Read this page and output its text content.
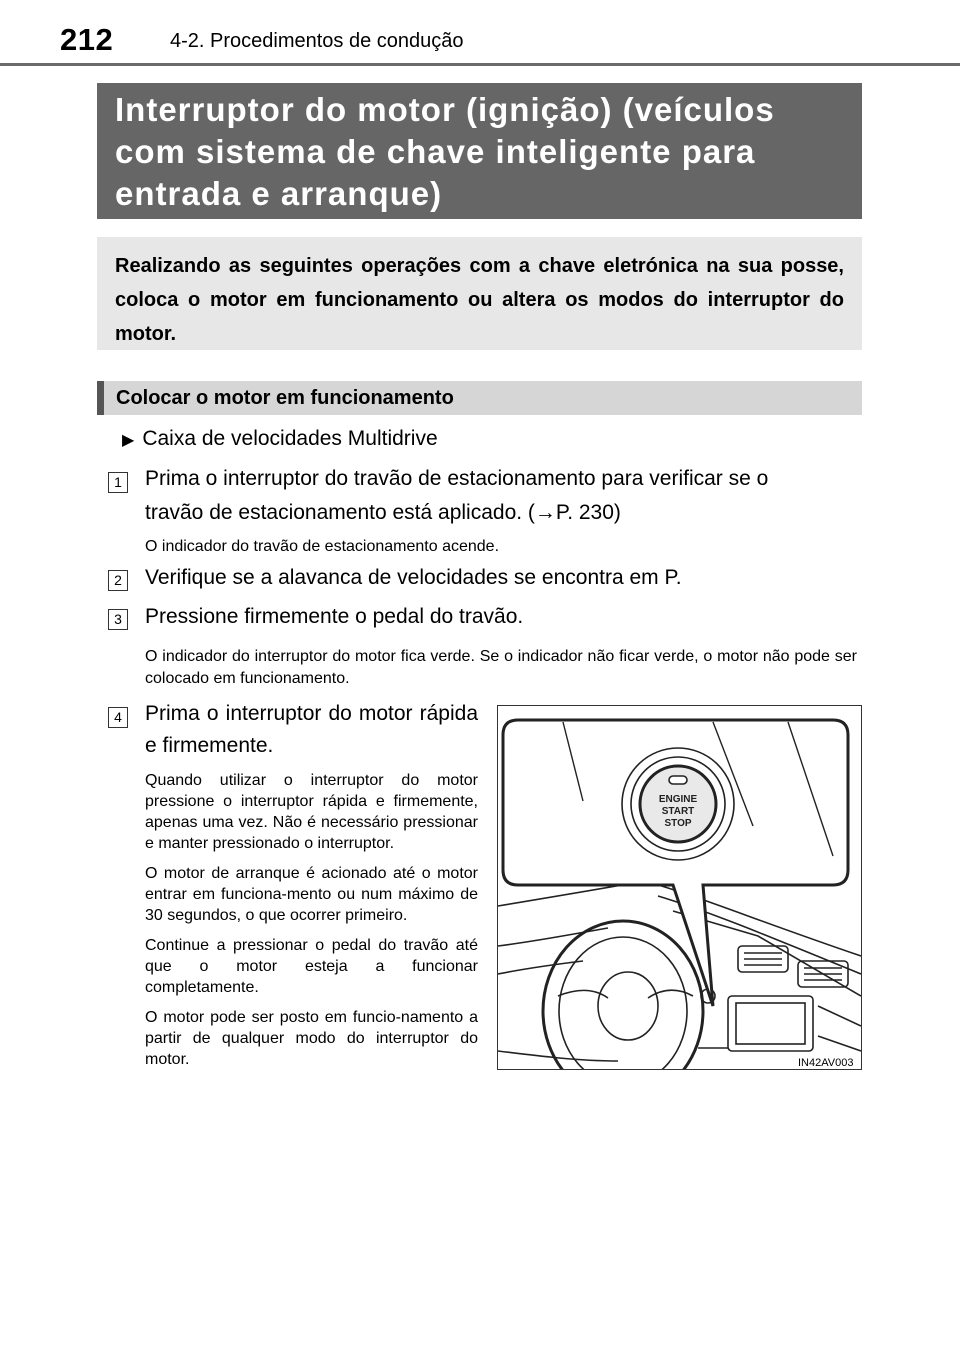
212	4-2. Procedimentos de condução
Interruptor do motor (ignição) (veículos
com sistema de chave inteligente para
entrada e arranque)
Realizando as seguintes operações com a chave eletrónica na sua posse, coloca o motor em funcionamento ou altera os modos do interruptor do motor.
Colocar o motor em funcionamento
▶ Caixa de velocidades Multidrive
1 Prima o interruptor do travão de estacionamento para verificar se o
travão de estacionamento está aplicado. (→P. 230)
O indicador do travão de estacionamento acende.
2 Verifique se a alavanca de velocidades se encontra em P.
3 Pressione firmemente o pedal do travão.
O indicador do interruptor do motor fica verde. Se o indicador não ficar verde, o motor não pode ser colocado em funcionamento.
4 Prima o interruptor do motor rápida e firmemente.
Quando utilizar o interruptor do motor pressione o interruptor rápida e firmemente, apenas uma vez. Não é necessário pressionar e manter pressionado o interruptor.
O motor de arranque é acionado até o motor entrar em funciona-mento ou num máximo de 30 segundos, o que ocorrer primeiro.
Continue a pressionar o pedal do travão até que o motor esteja a funcionar completamente.
O motor pode ser posto em funcio-namento a partir de qualquer modo do interruptor do motor.
ENGINE
START
STOP
IN42AV003
